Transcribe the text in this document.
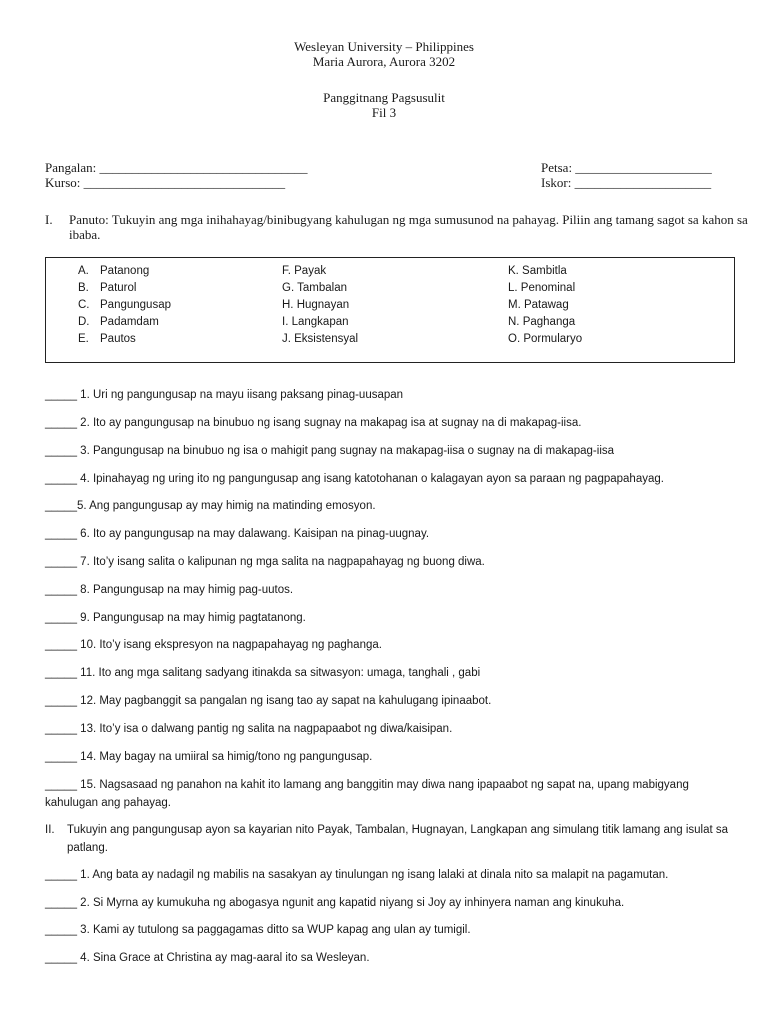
Wesleyan University – Philippines
Maria Aurora, Aurora 3202
Panggitnang Pagsusulit
Fil 3
Pangalan: ________________________________
Kurso: _______________________________
Petsa: _____________________
Iskor: _____________________
I. Panuto: Tukuyin ang mga inihahayag/binibugyang kahulugan ng mga sumusunod na pahayag. Piliin ang tamang sagot sa kahon sa ibaba.
A. Patanong
B. Paturol
C. Pangungusap
D. Padamdam
E. Pautos
F. Payak
G. Tambalan
H. Hugnayan
I. Langkapan
J. Eksistensyal
K. Sambitla
L. Penominal
M. Patawag
N. Paghanga
O. Pormularyo
_____ 1. Uri ng pangungusap na mayu iisang paksang pinag-uusapan
_____ 2. Ito ay pangungusap na binubuo ng isang sugnay na makapag isa at sugnay na di makapag-iisa.
_____ 3. Pangungusap na binubuo ng isa o mahigit pang sugnay na makapag-iisa o sugnay na di makapag-iisa
_____ 4. Ipinahayag ng uring ito ng pangungusap ang isang katotohanan o kalagayan ayon sa paraan ng pagpapahayag.
_____5. Ang pangungusap ay may himig na matinding emosyon.
_____ 6. Ito ay pangungusap na may dalawang. Kaisipan na pinag-uugnay.
_____ 7. Ito’y isang salita o kalipunan ng mga salita na nagpapahayag ng buong diwa.
_____ 8. Pangungusap na may himig pag-uutos.
_____ 9. Pangungusap na may himig pagtatanong.
_____ 10. Ito’y isang ekspresyon na nagpapahayag ng paghanga.
_____ 11. Ito ang mga salitang sadyang itinakda sa sitwasyon: umaga, tanghali , gabi
_____ 12. May pagbanggit sa pangalan ng isang tao ay sapat na kahulugang ipinaabot.
_____ 13. Ito’y isa o dalwang pantig ng salita na nagpapaabot ng diwa/kaisipan.
_____ 14. May bagay na umiiral sa himig/tono ng pangungusap.
_____ 15. Nagsasaad ng panahon na kahit ito lamang ang banggitin may diwa nang ipapaabot ng sapat na, upang mabigyang kahulugan ang pahayag.
II. Tukuyin ang pangungusap ayon sa kayarian nito Payak, Tambalan, Hugnayan, Langkapan ang simulang titik lamang ang isulat sa patlang.
_____ 1. Ang bata ay nadagil ng mabilis na sasakyan ay tinulungan ng isang lalaki at dinala nito sa malapit na pagamutan.
_____ 2. Si Myrna ay kumukuha ng abogasya ngunit ang kapatid niyang si Joy ay inhinyera naman ang kinukuha.
_____ 3. Kami ay tutulong sa paggagamas ditto sa WUP kapag ang ulan ay tumigil.
_____ 4. Sina Grace at Christina ay mag-aaral ito sa Wesleyan.
